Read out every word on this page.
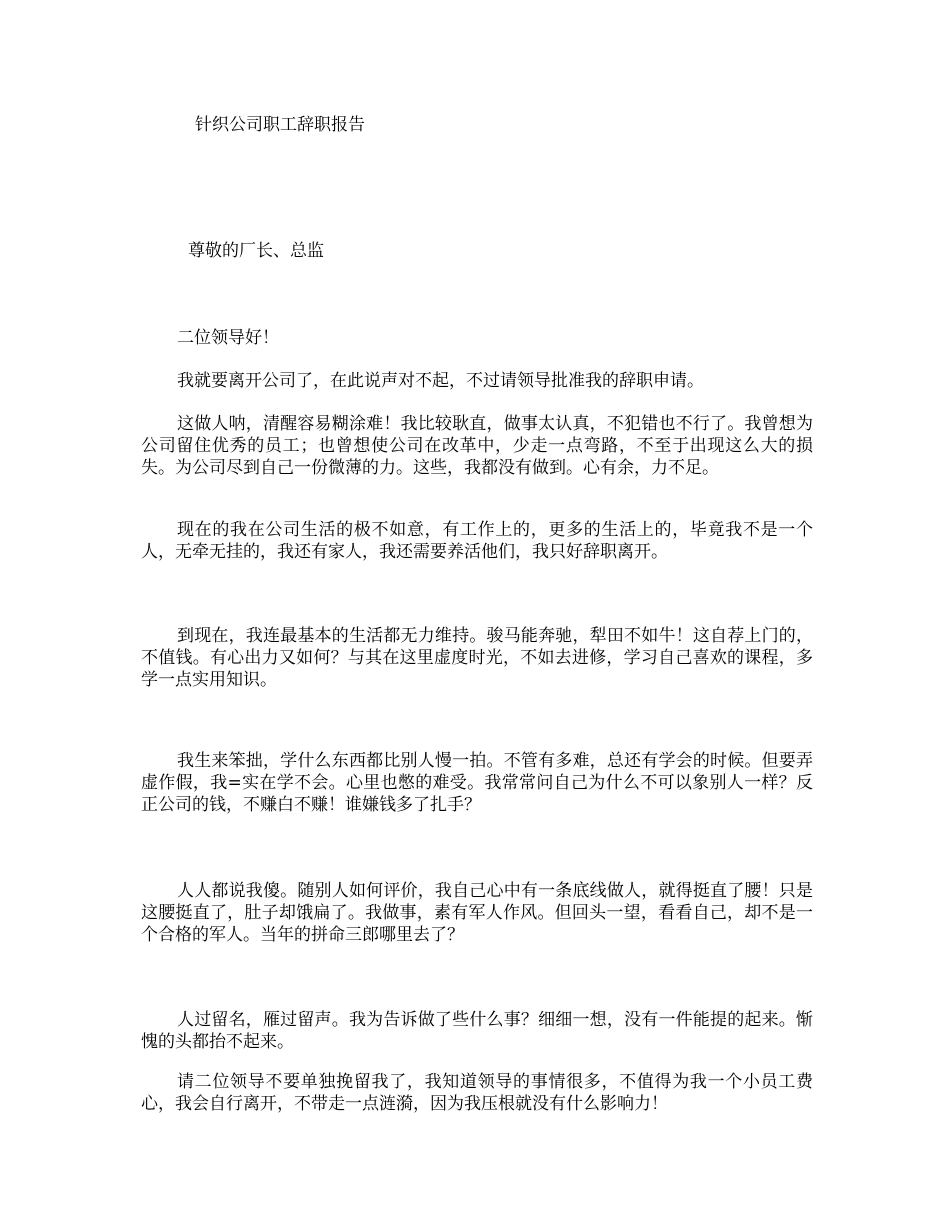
针织公司职工辞职报告
尊敬的厂长、总监

二位领导好！

我就要离开公司了，在此说声对不起，不过请领导批准我的辞职申请。

这做人呐，清醒容易糊涂难！我比较耿直，做事太认真，不犯错也不行了。我曾想为公司留住优秀的员工；也曾想使公司在改革中，少走一点弯路，不至于出现这么大的损失。为公司尽到自己一份微薄的力。这些，我都没有做到。心有余，力不足。

现在的我在公司生活的极不如意，有工作上的，更多的生活上的，毕竟我不是一个人，无牵无挂的，我还有家人，我还需要养活他们，我只好辞职离开。

到现在，我连最基本的生活都无力维持。骏马能奔驰，犁田不如牛！这自荐上门的，不值钱。有心出力又如何？与其在这里虚度时光，不如去进修，学习自己喜欢的课程，多学一点实用知识。

我生来笨拙，学什么东西都比别人慢一拍。不管有多难，总还有学会的时候。但要弄虚作假，我=实在学不会。心里也憋的难受。我常常问自己为什么不可以象别人一样？反正公司的钱，不赚白不赚！谁嫌钱多了扎手？

人人都说我傻。随别人如何评价，我自己心中有一条底线做人，就得挺直了腰！只是这腰挺直了，肚子却饿扁了。我做事，素有军人作风。但回头一望，看看自己，却不是一个合格的军人。当年的拼命三郎哪里去了？

人过留名，雁过留声。我为告诉做了些什么事？细细一想，没有一件能提的起来。惭愧的头都抬不起来。

请二位领导不要单独挽留我了，我知道领导的事情很多，不值得为我一个小员工费心，我会自行离开，不带走一点涟漪，因为我压根就没有什么影响力！
